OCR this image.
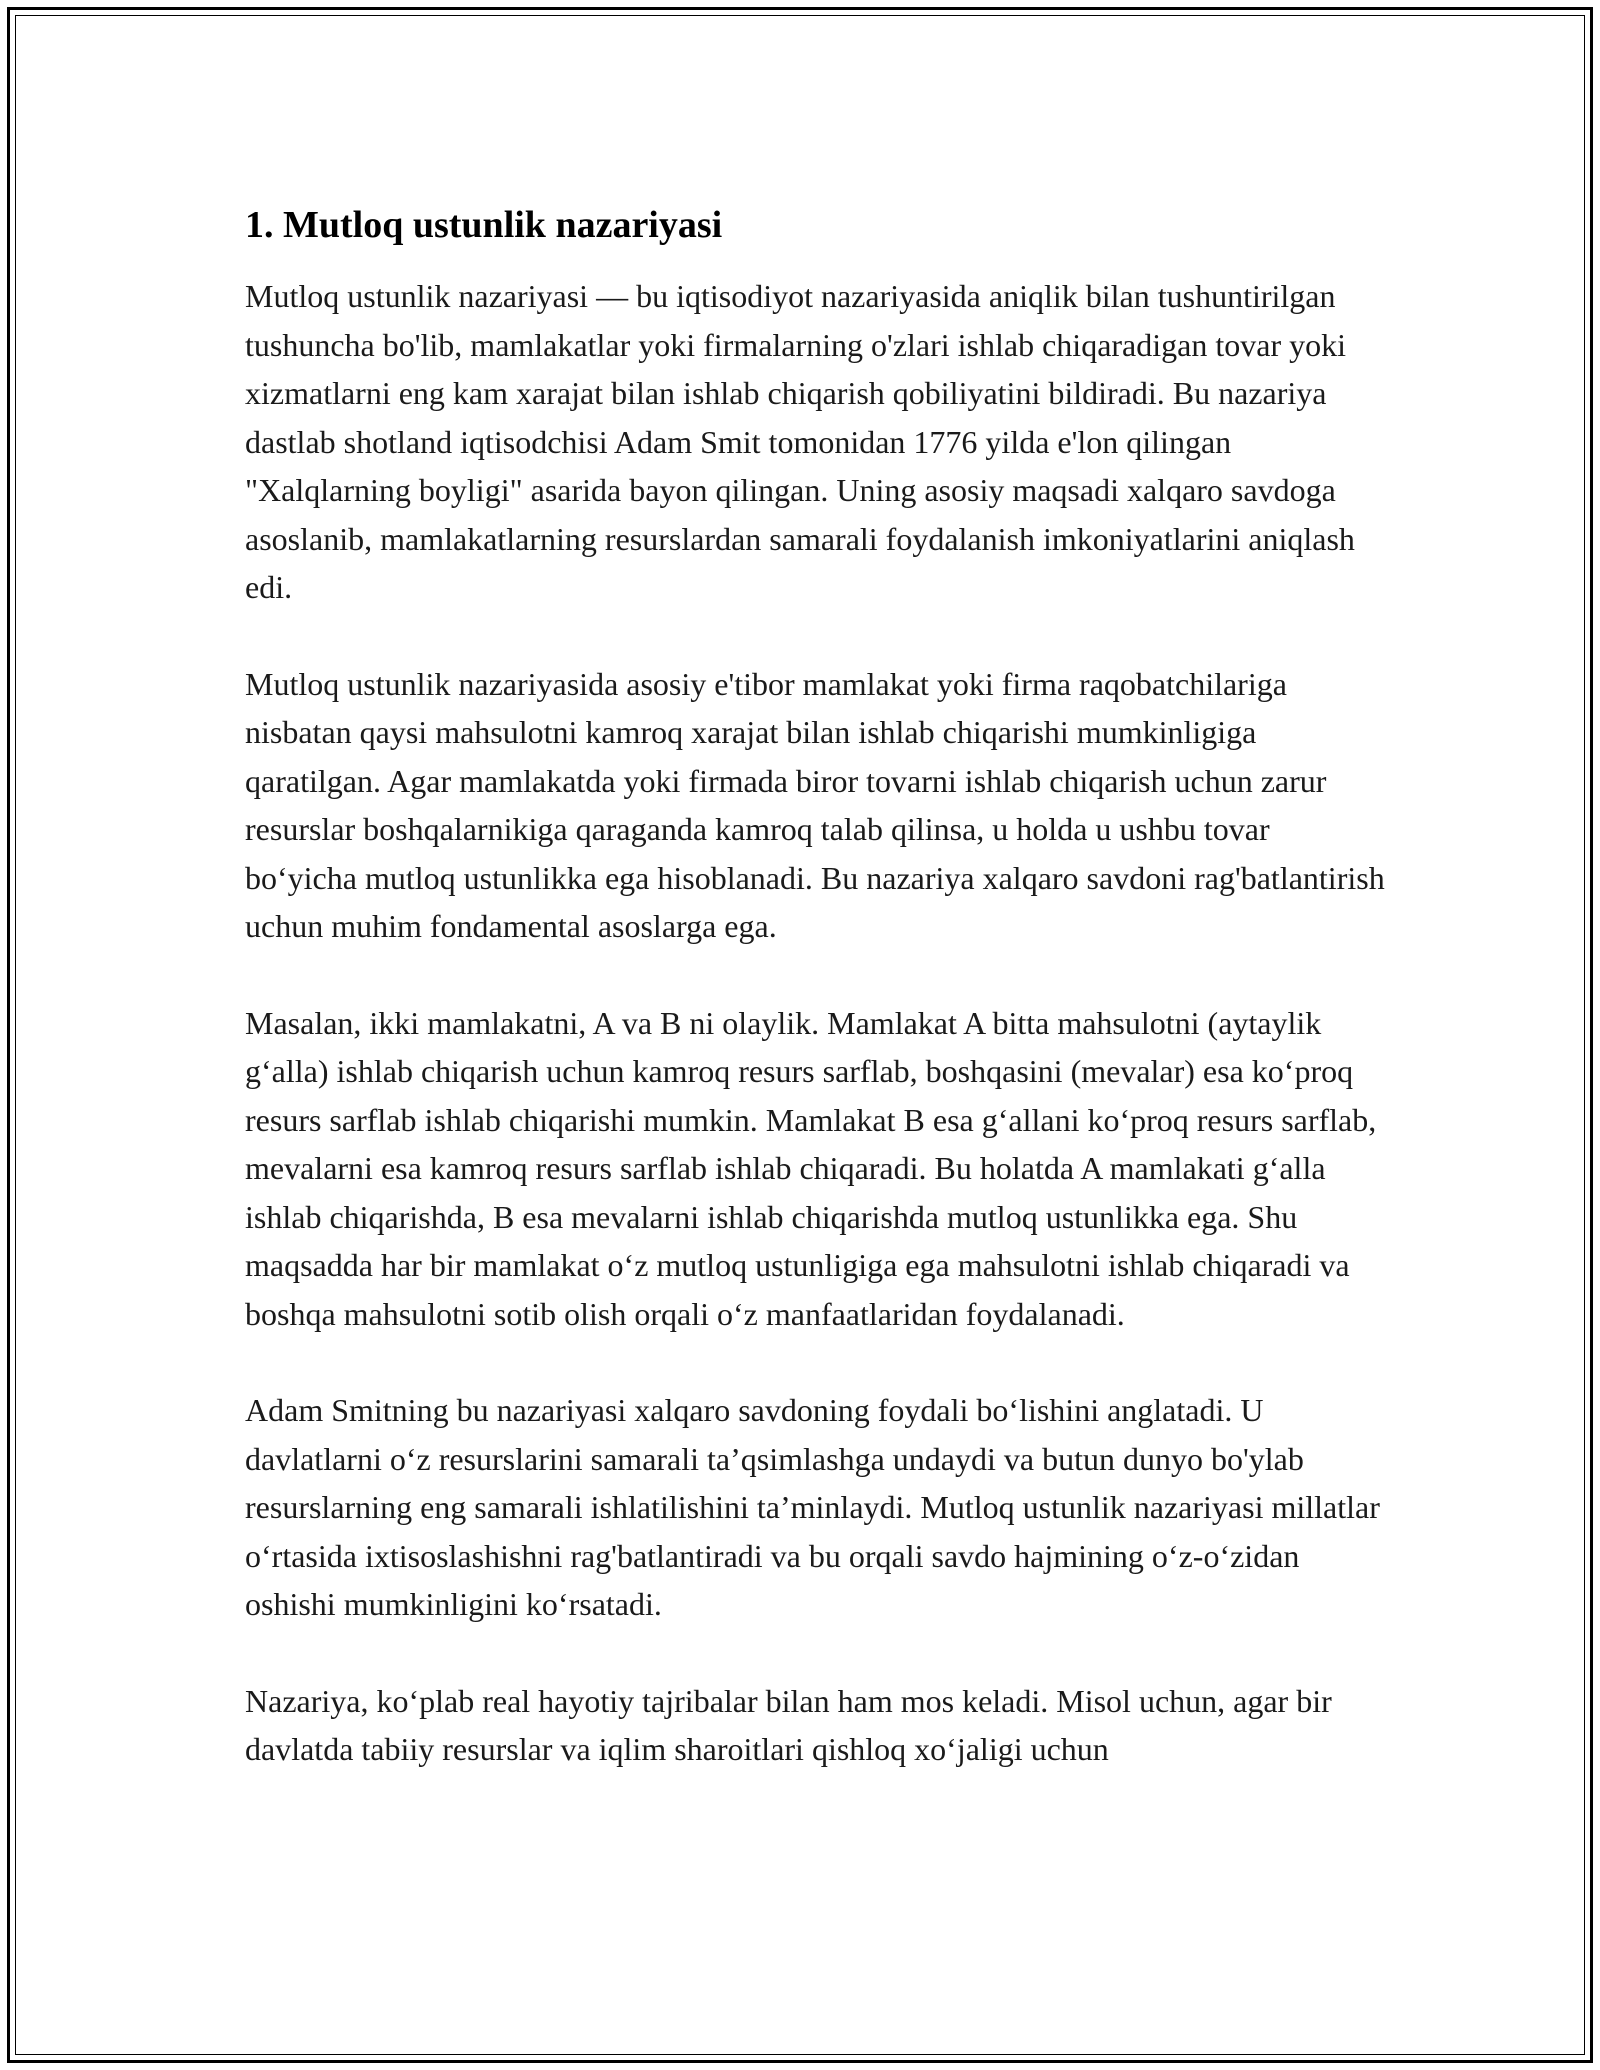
1. Mutloq ustunlik nazariyasi

Mutloq ustunlik nazariyasi — bu iqtisodiyot nazariyasida aniqlik bilan tushuntirilgan tushuncha bo'lib, mamlakatlar yoki firmalarning o'zlari ishlab chiqaradigan tovar yoki xizmatlarni eng kam xarajat bilan ishlab chiqarish qobiliyatini bildiradi. Bu nazariya dastlab shotland iqtisodchisi Adam Smit tomonidan 1776 yilda e'lon qilingan "Xalqlarning boyligi" asarida bayon qilingan. Uning asosiy maqsadi xalqaro savdoga asoslanib, mamlakatlarning resurslardan samarali foydalanish imkoniyatlarini aniqlash edi.

Mutloq ustunlik nazariyasida asosiy e'tibor mamlakat yoki firma raqobatchilariga nisbatan qaysi mahsulotni kamroq xarajat bilan ishlab chiqarishi mumkinligiga qaratilgan. Agar mamlakatda yoki firmada biror tovarni ishlab chiqarish uchun zarur resurslar boshqalarnikiga qaraganda kamroq talab qilinsa, u holda u ushbu tovar bo‘yicha mutloq ustunlikka ega hisoblanadi. Bu nazariya xalqaro savdoni rag'batlantirish uchun muhim fondamental asoslarga ega.

Masalan, ikki mamlakatni, A va B ni olaylik. Mamlakat A bitta mahsulotni (aytaylik g‘alla) ishlab chiqarish uchun kamroq resurs sarflab, boshqasini (mevalar) esa ko‘proq resurs sarflab ishlab chiqarishi mumkin. Mamlakat B esa g‘allani ko‘proq resurs sarflab, mevalarni esa kamroq resurs sarflab ishlab chiqaradi. Bu holatda A mamlakati g‘alla ishlab chiqarishda, B esa mevalarni ishlab chiqarishda mutloq ustunlikka ega. Shu maqsadda har bir mamlakat o‘z mutloq ustunligiga ega mahsulotni ishlab chiqaradi va boshqa mahsulotni sotib olish orqali o‘z manfaatlaridan foydalanadi.

Adam Smitning bu nazariyasi xalqaro savdoning foydali bo‘lishini anglatadi. U davlatlarni o‘z resurslarini samarali ta’qsimlashga undaydi va butun dunyo bo'ylab resurslarning eng samarali ishlatilishini ta’minlaydi. Mutloq ustunlik nazariyasi millatlar o‘rtasida ixtisoslashishni rag'batlantiradi va bu orqali savdo hajmining o‘z-o‘zidan oshishi mumkinligini ko‘rsatadi.

Nazariya, ko‘plab real hayotiy tajribalar bilan ham mos keladi. Misol uchun, agar bir davlatda tabiiy resurslar va iqlim sharoitlari qishloq xo‘jaligi uchun
